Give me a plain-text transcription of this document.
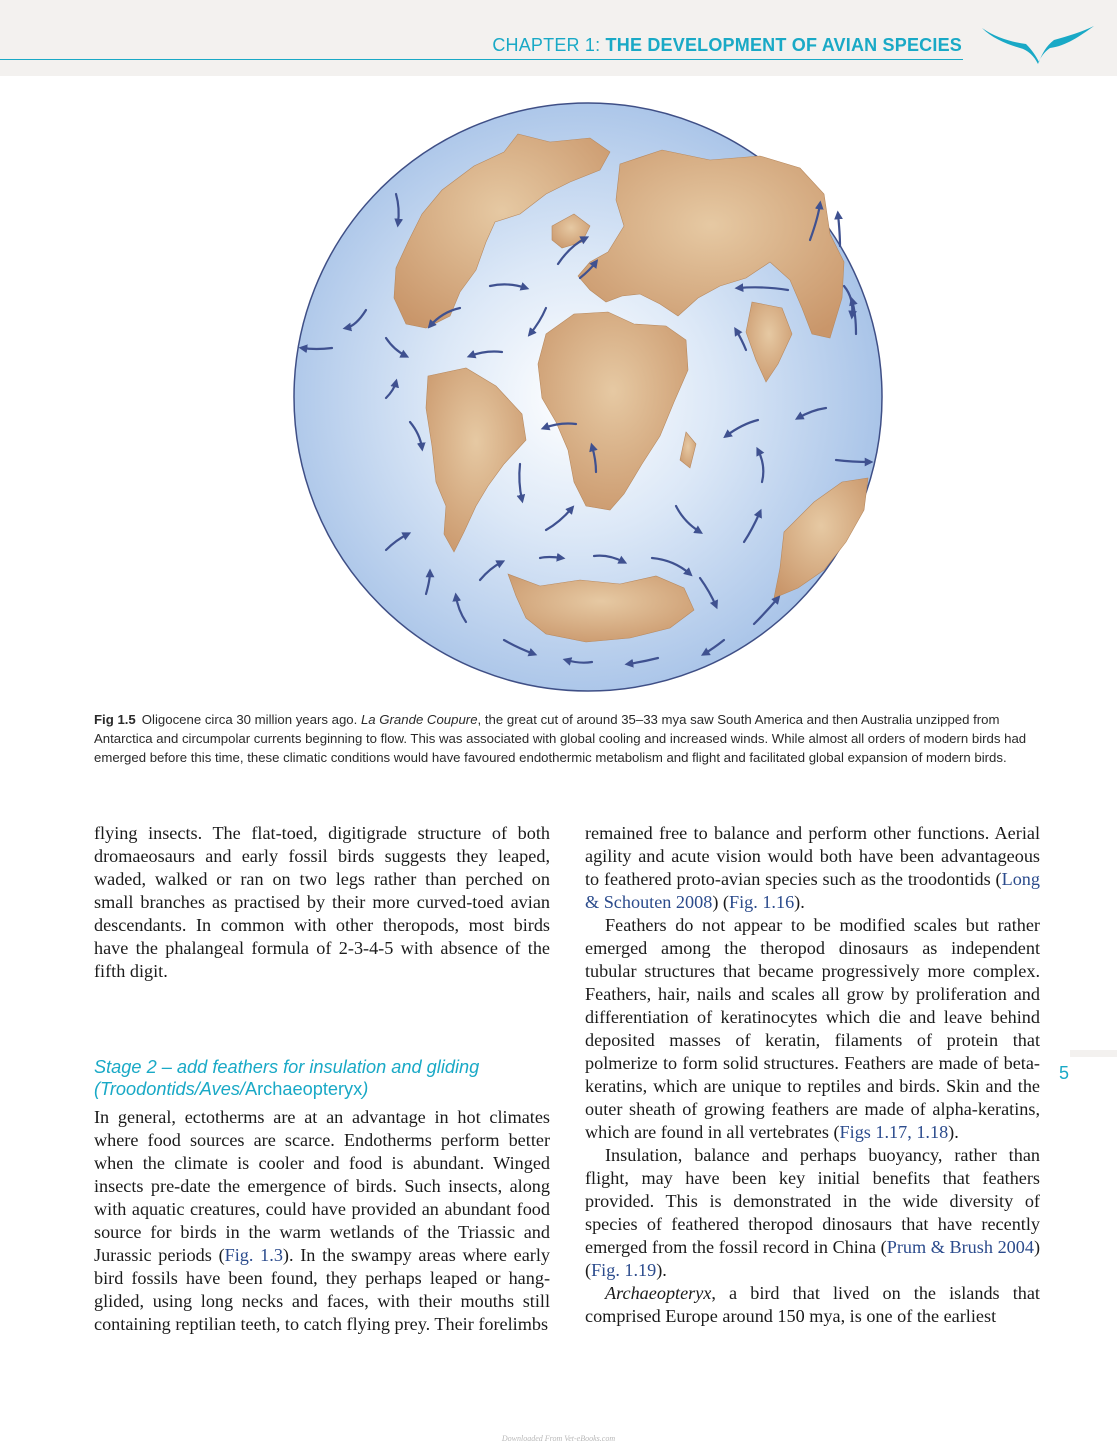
CHAPTER 1: THE DEVELOPMENT OF AVIAN SPECIES
Fig 1.5 Oligocene circa 30 million years ago. La Grande Coupure, the great cut of around 35–33 mya saw South America and then Australia unzipped from Antarctica and circumpolar currents beginning to flow. This was associated with global cooling and increased winds. While almost all orders of modern birds had emerged before this time, these climatic conditions would have favoured endothermic metabolism and flight and facilitated global expansion of modern birds.

flying insects. The flat-toed, digitigrade structure of both dromaeosaurs and early fossil birds suggests they leaped, waded, walked or ran on two legs rather than perched on small branches as practised by their more curved-toed avian descendants. In common with other theropods, most birds have the phalangeal formula of 2-3-4-5 with absence of the fifth digit.

Stage 2 – add feathers for insulation and gliding (Troodontids/Aves/Archaeopteryx)

In general, ectotherms are at an advantage in hot climates where food sources are scarce. Endotherms perform better when the climate is cooler and food is abundant. Winged insects pre-date the emergence of birds. Such insects, along with aquatic creatures, could have provided an abundant food source for birds in the warm wetlands of the Triassic and Jurassic periods (Fig. 1.3). In the swampy areas where early bird fossils have been found, they perhaps leaped or hang-glided, using long necks and faces, with their mouths still containing reptilian teeth, to catch flying prey. Their forelimbs

remained free to balance and perform other functions. Aerial agility and acute vision would both have been advantageous to feathered proto-avian species such as the troodontids (Long & Schouten 2008) (Fig. 1.16).

Feathers do not appear to be modified scales but rather emerged among the theropod dinosaurs as independent tubular structures that became progressively more complex. Feathers, hair, nails and scales all grow by proliferation and differentiation of keratinocytes which die and leave behind deposited masses of keratin, filaments of protein that polmerize to form solid structures. Feathers are made of beta-keratins, which are unique to reptiles and birds. Skin and the outer sheath of growing feathers are made of alpha-keratins, which are found in all vertebrates (Figs 1.17, 1.18).

Insulation, balance and perhaps buoyancy, rather than flight, may have been key initial benefits that feathers provided. This is demonstrated in the wide diversity of species of feathered theropod dinosaurs that have recently emerged from the fossil record in China (Prum & Brush 2004) (Fig. 1.19).

Archaeopteryx, a bird that lived on the islands that comprised Europe around 150 mya, is one of the earliest

5
Downloaded From Vet-eBooks.com
